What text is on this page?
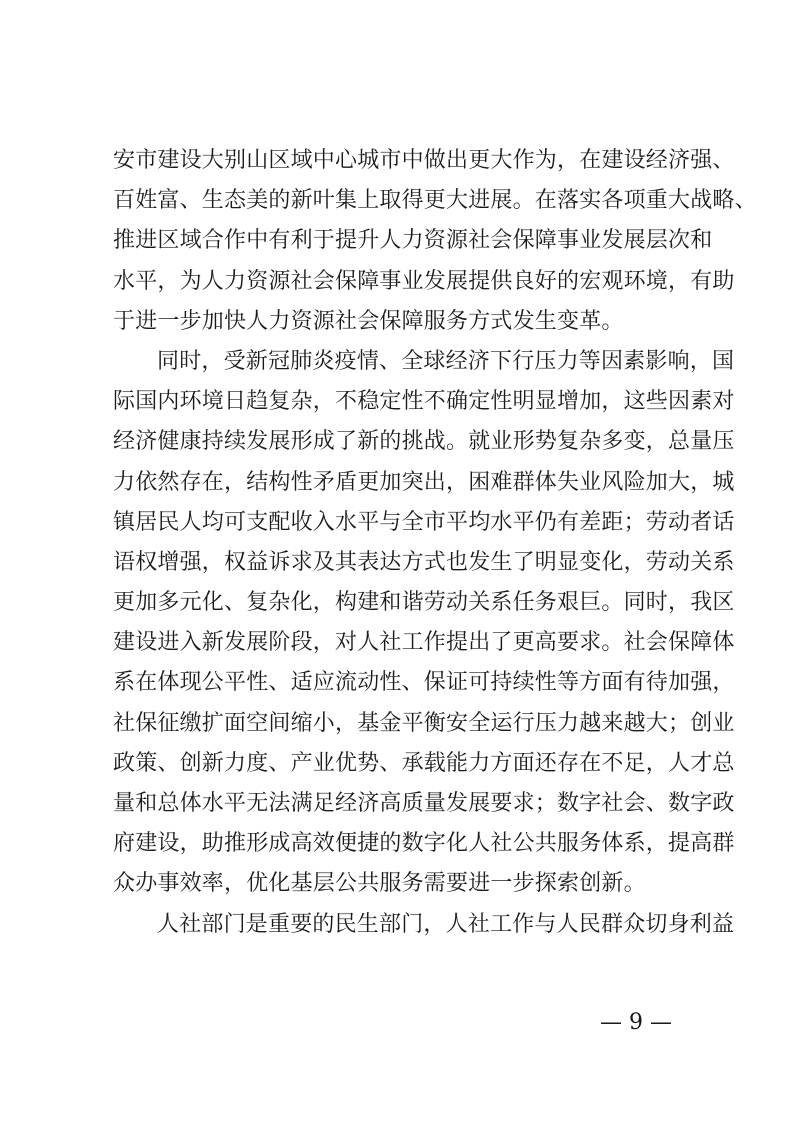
安市建设大别山区域中心城市中做出更大作为，在建设经济强、
百姓富、生态美的新叶集上取得更大进展。在落实各项重大战略、
推进区域合作中有利于提升人力资源社会保障事业发展层次和
水平，为人力资源社会保障事业发展提供良好的宏观环境，有助
于进一步加快人力资源社会保障服务方式发生变革。
同时，受新冠肺炎疫情、全球经济下行压力等因素影响，国
际国内环境日趋复杂，不稳定性不确定性明显增加，这些因素对
经济健康持续发展形成了新的挑战。就业形势复杂多变，总量压
力依然存在，结构性矛盾更加突出，困难群体失业风险加大，城
镇居民人均可支配收入水平与全市平均水平仍有差距；劳动者话
语权增强，权益诉求及其表达方式也发生了明显变化，劳动关系
更加多元化、复杂化，构建和谐劳动关系任务艰巨。同时，我区
建设进入新发展阶段，对人社工作提出了更高要求。社会保障体
系在体现公平性、适应流动性、保证可持续性等方面有待加强，
社保征缴扩面空间缩小，基金平衡安全运行压力越来越大；创业
政策、创新力度、产业优势、承载能力方面还存在不足，人才总
量和总体水平无法满足经济高质量发展要求；数字社会、数字政
府建设，助推形成高效便捷的数字化人社公共服务体系，提高群
众办事效率，优化基层公共服务需要进一步探索创新。
人社部门是重要的民生部门，人社工作与人民群众切身利益
— 9 —
